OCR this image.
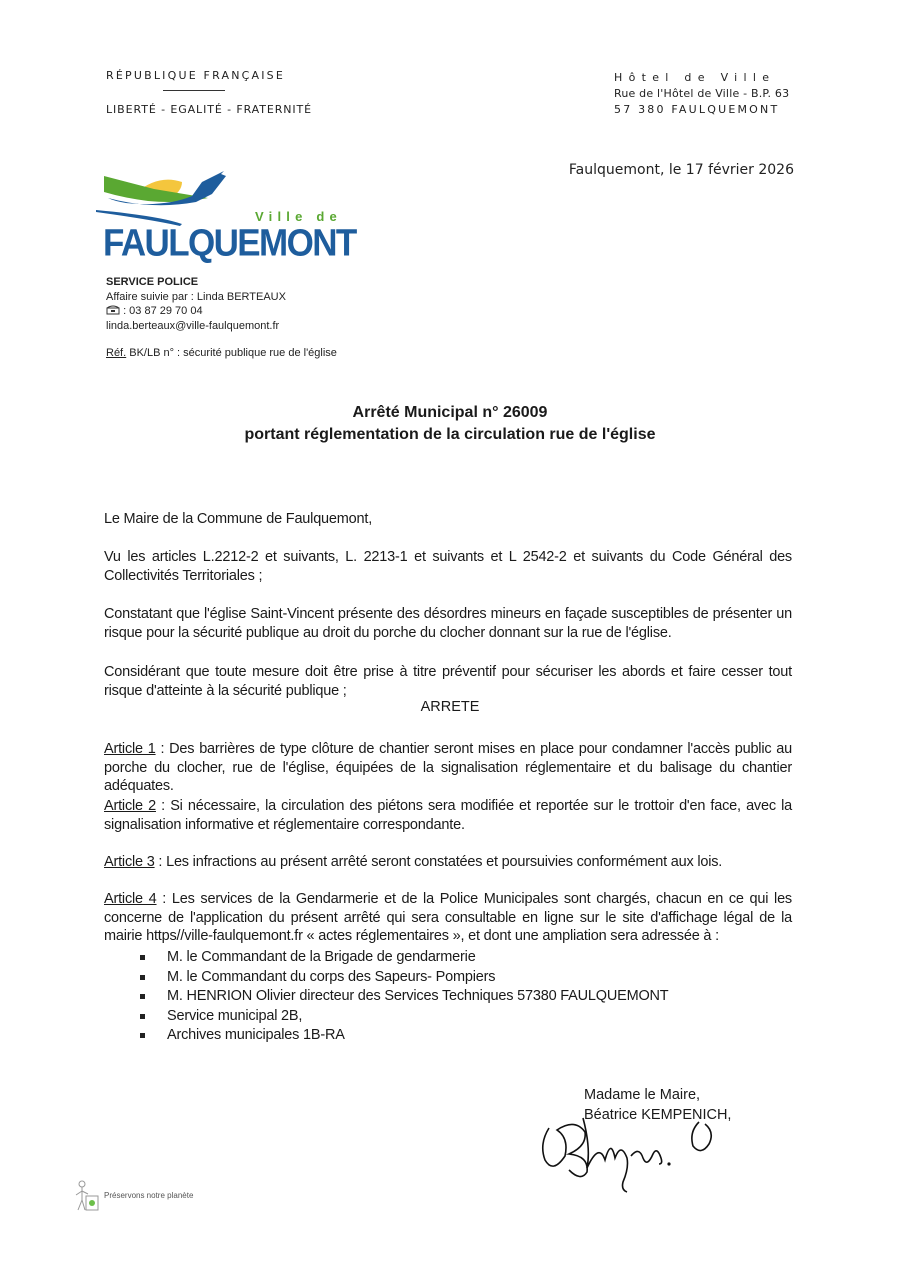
RÉPUBLIQUE FRANÇAISE
LIBERTÉ - EGALITÉ - FRATERNITÉ
Hôtel de Ville
Rue de l'Hôtel de Ville - B.P. 63
57 380 FAULQUEMONT
Faulquemont, le 17 février 2026
Ville de
FAULQUEMONT
SERVICE POLICE
Affaire suivie par : Linda BERTEAUX
: 03 87 29 70 04
linda.berteaux@ville-faulquemont.fr
Réf. BK/LB n° : sécurité publique rue de l'église
Arrêté Municipal n° 26009
portant réglementation de la circulation rue de l'église
Le Maire de la Commune de Faulquemont,
Vu les articles L.2212-2 et suivants, L. 2213-1 et suivants et L 2542-2 et suivants du Code Général des Collectivités Territoriales ;
Constatant que l'église Saint-Vincent présente des désordres mineurs en façade susceptibles de présenter un risque pour la sécurité publique au droit du porche du clocher donnant sur la rue de l'église.
Considérant que toute mesure doit être prise à titre préventif pour sécuriser les abords et faire cesser tout risque d'atteinte à la sécurité publique ;
ARRETE
Article 1 : Des barrières de type clôture de chantier seront mises en place pour condamner l'accès public au porche du clocher, rue de l'église, équipées de la signalisation réglementaire et du balisage du chantier adéquates.
Article 2 : Si nécessaire, la circulation des piétons sera modifiée et reportée sur le trottoir d'en face, avec la signalisation informative et réglementaire correspondante.
Article 3 : Les infractions au présent arrêté seront constatées et poursuivies conformément aux lois.
Article 4 : Les services de la Gendarmerie et de la Police Municipales sont chargés, chacun en ce qui les concerne de l'application du présent arrêté qui sera consultable en ligne sur le site d'affichage légal de la mairie https//ville-faulquemont.fr « actes réglementaires », et dont une ampliation sera adressée à :
M. le Commandant de la Brigade de gendarmerie
M. le Commandant du corps des Sapeurs- Pompiers
M. HENRION Olivier directeur des Services Techniques 57380 FAULQUEMONT
Service municipal 2B,
Archives municipales 1B-RA
Madame le Maire,
Béatrice KEMPENICH,
Préservons notre planète
